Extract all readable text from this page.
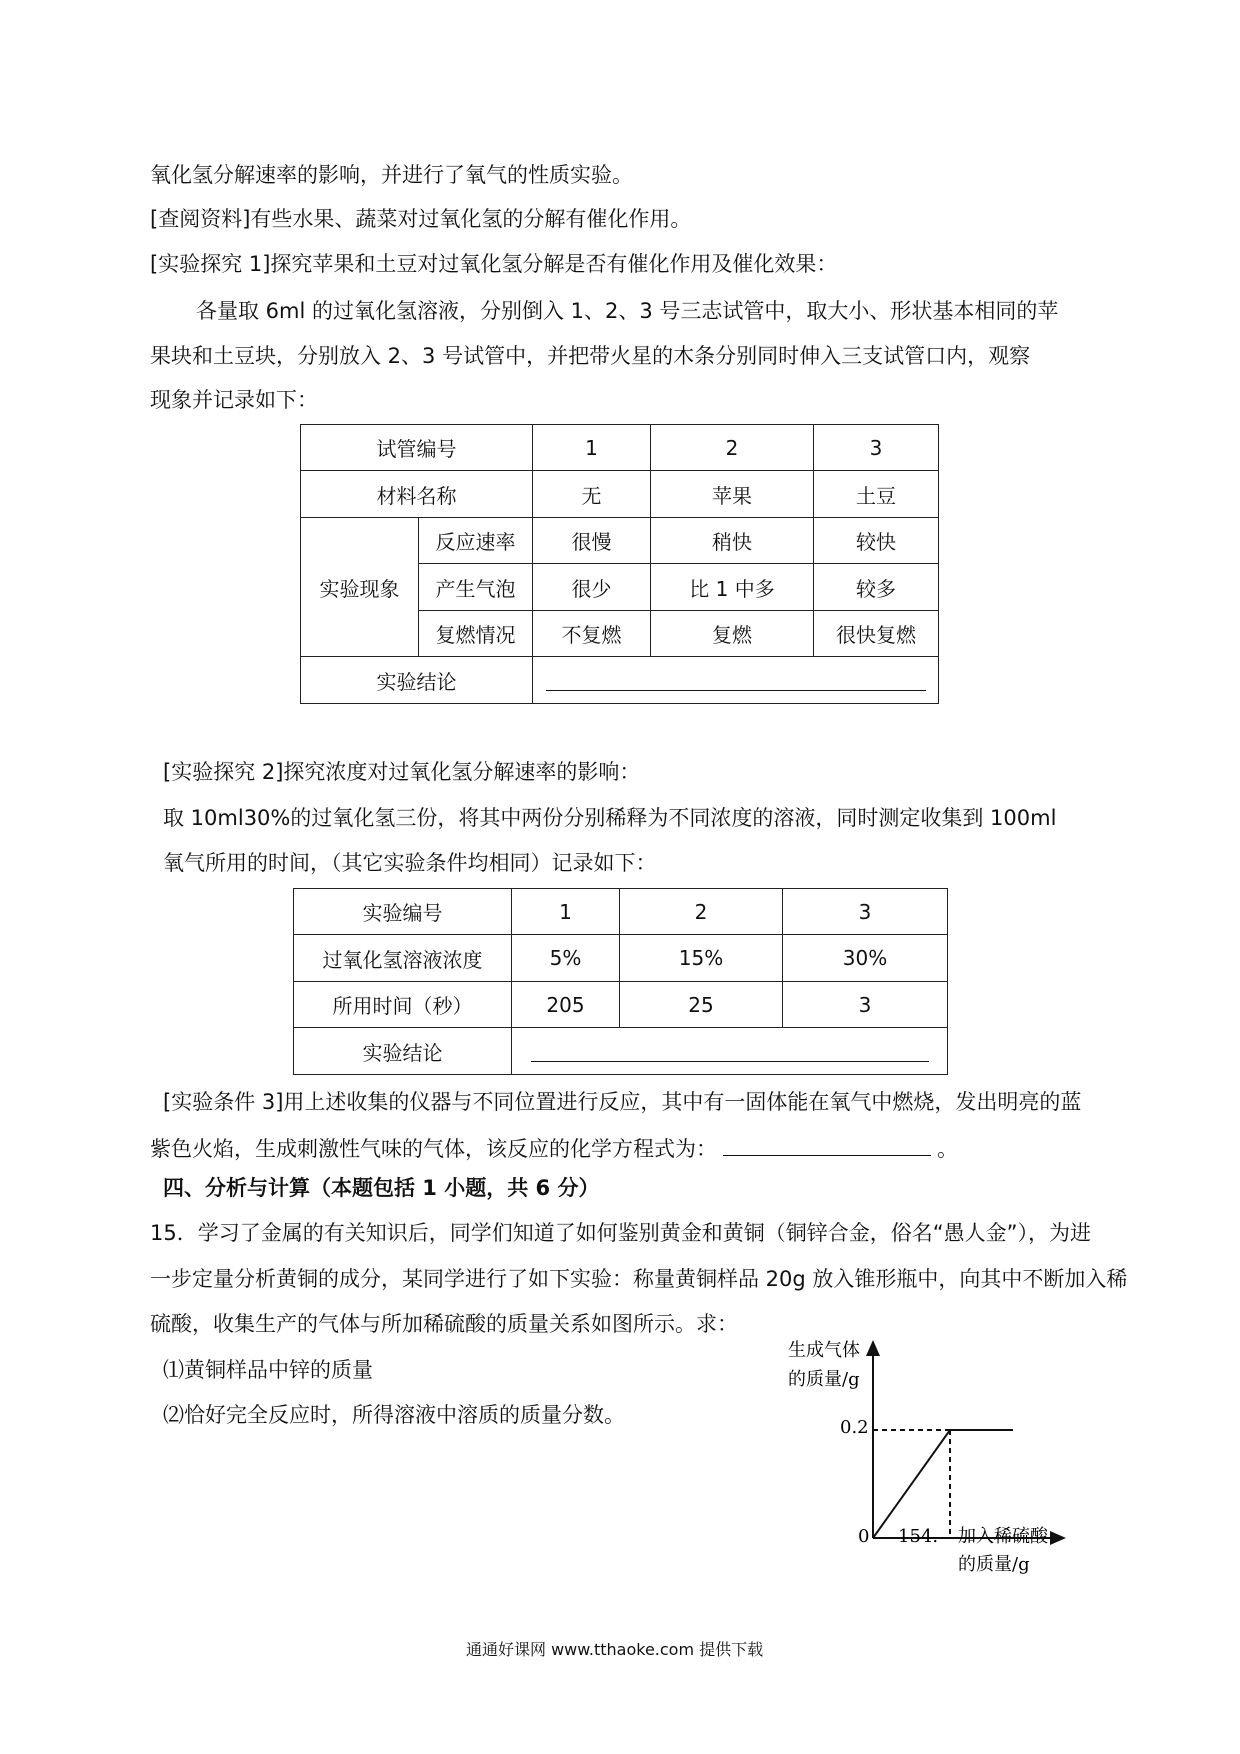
氧化氢分解速率的影响，并进行了氧气的性质实验。
[查阅资料]有些水果、蔬菜对过氧化氢的分解有催化作用。
[实验探究 1]探究苹果和土豆对过氧化氢分解是否有催化作用及催化效果：
各量取 6ml 的过氧化氢溶液，分别倒入 1、2、3 号三志试管中，取大小、形状基本相同的苹
果块和土豆块，分别放入 2、3 号试管中，并把带火星的木条分别同时伸入三支试管口内，观察
现象并记录如下：
试管编号		1	2	3
材料名称		无	苹果	土豆
实验现象	反应速率	很慢	稍快	较快
	产生气泡	很少	比 1 中多	较多
	复燃情况	不复燃	复燃	很快复燃
实验结论				
[实验探究 2]探究浓度对过氧化氢分解速率的影响：
取 10ml30%的过氧化氢三份，将其中两份分别稀释为不同浓度的溶液，同时测定收集到 100ml
氧气所用的时间，（其它实验条件均相同）记录如下：
实验编号	1	2	3
过氧化氢溶液浓度	5%	15%	30%
所用时间（秒）	205	25	3
实验结论			
[实验条件 3]用上述收集的仪器与不同位置进行反应，其中有一固体能在氧气中燃烧，发出明亮的蓝
紫色火焰，生成刺激性气味的气体，该反应的化学方程式为：	。
四、分析与计算（本题包括 1 小题，共 6 分）
15．学习了金属的有关知识后，同学们知道了如何鉴别黄金和黄铜（铜锌合金，俗名“愚人金”），为进
一步定量分析黄铜的成分，某同学进行了如下实验：称量黄铜样品 20g 放入锥形瓶中，向其中不断加入稀
硫酸，收集生产的气体与所加稀硫酸的质量关系如图所示。求：
⑴黄铜样品中锌的质量
⑵恰好完全反应时，所得溶液中溶质的质量分数。
生成气体
的质量/g
加入稀硫酸
的质量/g
0 154.
0.2
通通好课网 www.tthaoke.com 提供下载
